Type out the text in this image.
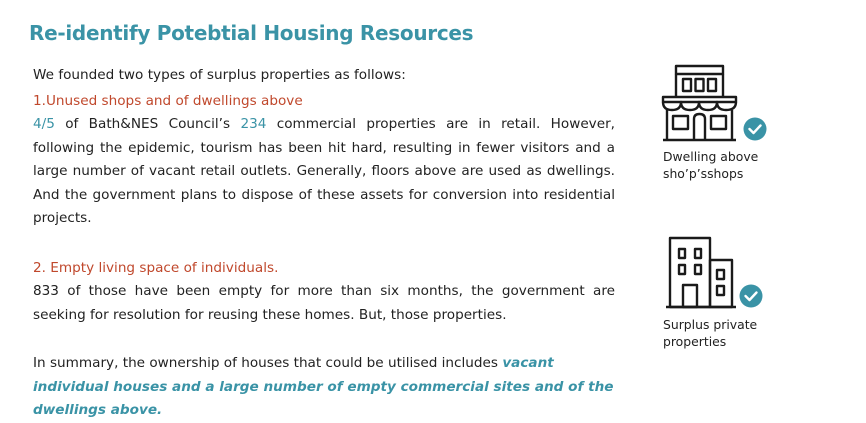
Re-identify Potebtial Housing Resources

We founded two types of surplus properties as follows:

1.Unused shops and of dwellings above

4/5 of Bath&NES Council’s 234 commercial properties are in retail. However, following the epidemic, tourism has been hit hard, resulting in fewer visitors and a large number of vacant retail outlets. Generally, floors above are used as dwellings. And the government plans to dispose of these assets for conversion into residential projects.

2. Empty living space of individuals.

833 of those have been empty for more than six months, the government are seeking for resolution for reusing these homes. But, those properties.

In summary, the ownership of houses that could be utilised includes vacant individual houses and a large number of empty commercial sites and of the dwellings above.

Dwelling above
sho’p’sshops
Surplus private
properties
